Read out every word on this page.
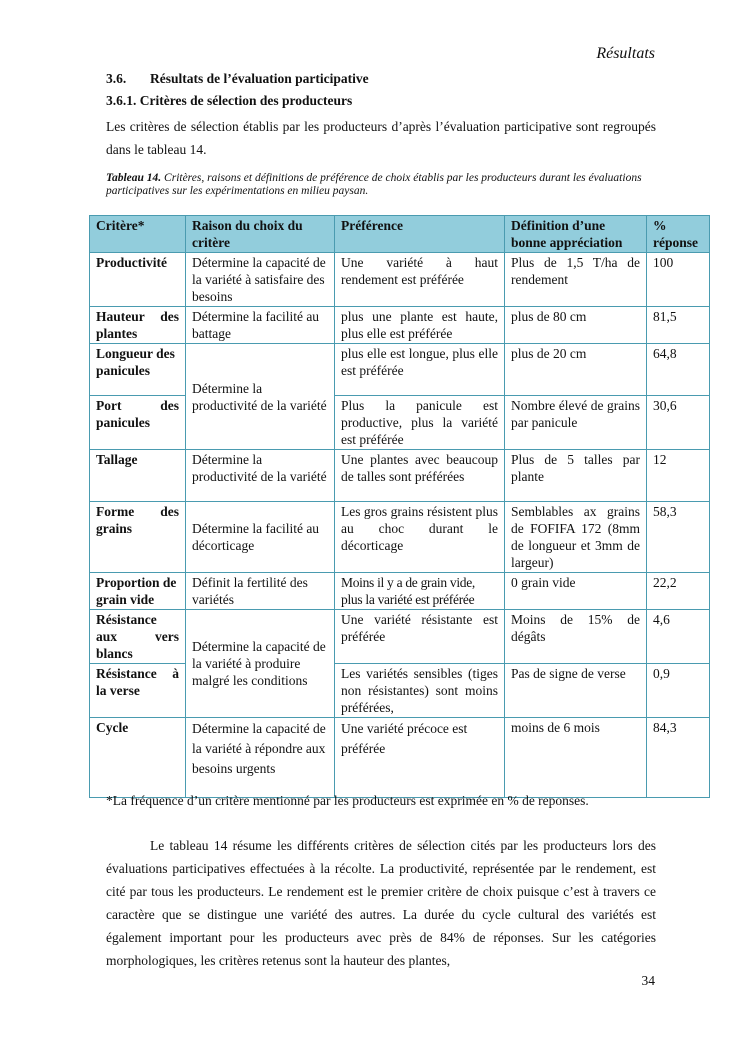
Résultats
3.6. Résultats de l’évaluation participative
3.6.1. Critères de sélection des producteurs
Les critères de sélection établis par les producteurs d’après l’évaluation participative sont regroupés dans le tableau 14.
Tableau 14. Critères, raisons et définitions de préférence de choix établis par les producteurs durant les évaluations participatives sur les expérimentations en milieu paysan.
Critère*	Raison du choix du critère	Préférence	Définition d’une bonne appréciation	% réponse
Productivité	Détermine la capacité de la variété à satisfaire des besoins	Une variété à haut rendement est préférée	Plus de 1,5 T/ha de rendement	100
Hauteur des plantes	Détermine la facilité au battage	plus une plante est haute, plus elle est préférée	plus de 80 cm	81,5
Longueur des panicules	Détermine la productivité de la variété	plus elle est longue, plus elle est préférée	plus de 20 cm	64,8
Port des panicules		Plus la panicule est productive, plus la variété est préférée	Nombre élevé de grains par panicule	30,6
Tallage	Détermine la productivité de la variété	Une plantes avec beaucoup de talles sont préférées	Plus de 5 talles par plante	12
Forme des grains	Détermine la facilité au décorticage	Les gros grains résistent plus au choc durant le décorticage	Semblables ax grains de FOFIFA 172 (8mm de longueur et 3mm de largeur)	58,3
Proportion de grain vide	Définit la fertilité des variétés	Moins il y a de grain vide, plus la variété est préférée	0 grain vide	22,2
Résistance aux vers blancs	Détermine la capacité de la variété à produire malgré les conditions	Une variété résistante est préférée	Moins de 15% de dégâts	4,6
Résistance à la verse		Les variétés sensibles (tiges non résistantes) sont moins préférées,	Pas de signe de verse	0,9
Cycle	Détermine la capacité de la variété à répondre aux besoins urgents	Une variété précoce est préférée	moins de 6 mois	84,3
*La fréquence d’un critère mentionné par les producteurs est exprimée en % de reponses.

Le tableau 14 résume les différents critères de sélection cités par les producteurs lors des évaluations participatives effectuées à la récolte. La productivité, représentée par le rendement, est cité par tous les producteurs. Le rendement est le premier critère de choix puisque c’est à travers ce caractère que se distingue une variété des autres. La durée du cycle cultural des variétés est également important pour les producteurs avec près de 84% de réponses. Sur les catégories morphologiques, les critères retenus sont la hauteur des plantes,

34
